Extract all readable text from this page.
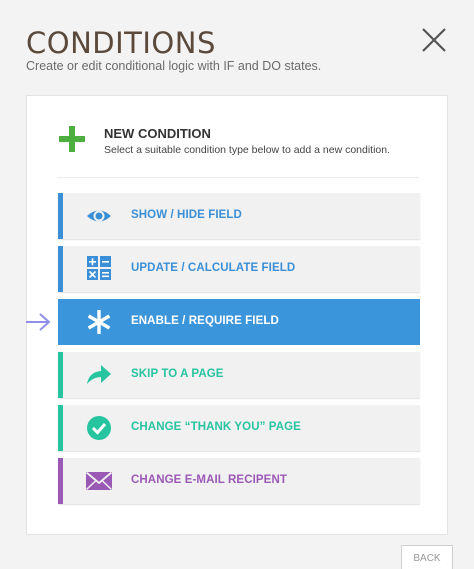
CONDITIONS
Create or edit conditional logic with IF and DO states.
NEW CONDITION
Select a suitable condition type below to add a new condition.
SHOW / HIDE FIELD
UPDATE / CALCULATE FIELD
ENABLE / REQUIRE FIELD
SKIP TO A PAGE
CHANGE “THANK YOU” PAGE
CHANGE E-MAIL RECIPENT
BACK
